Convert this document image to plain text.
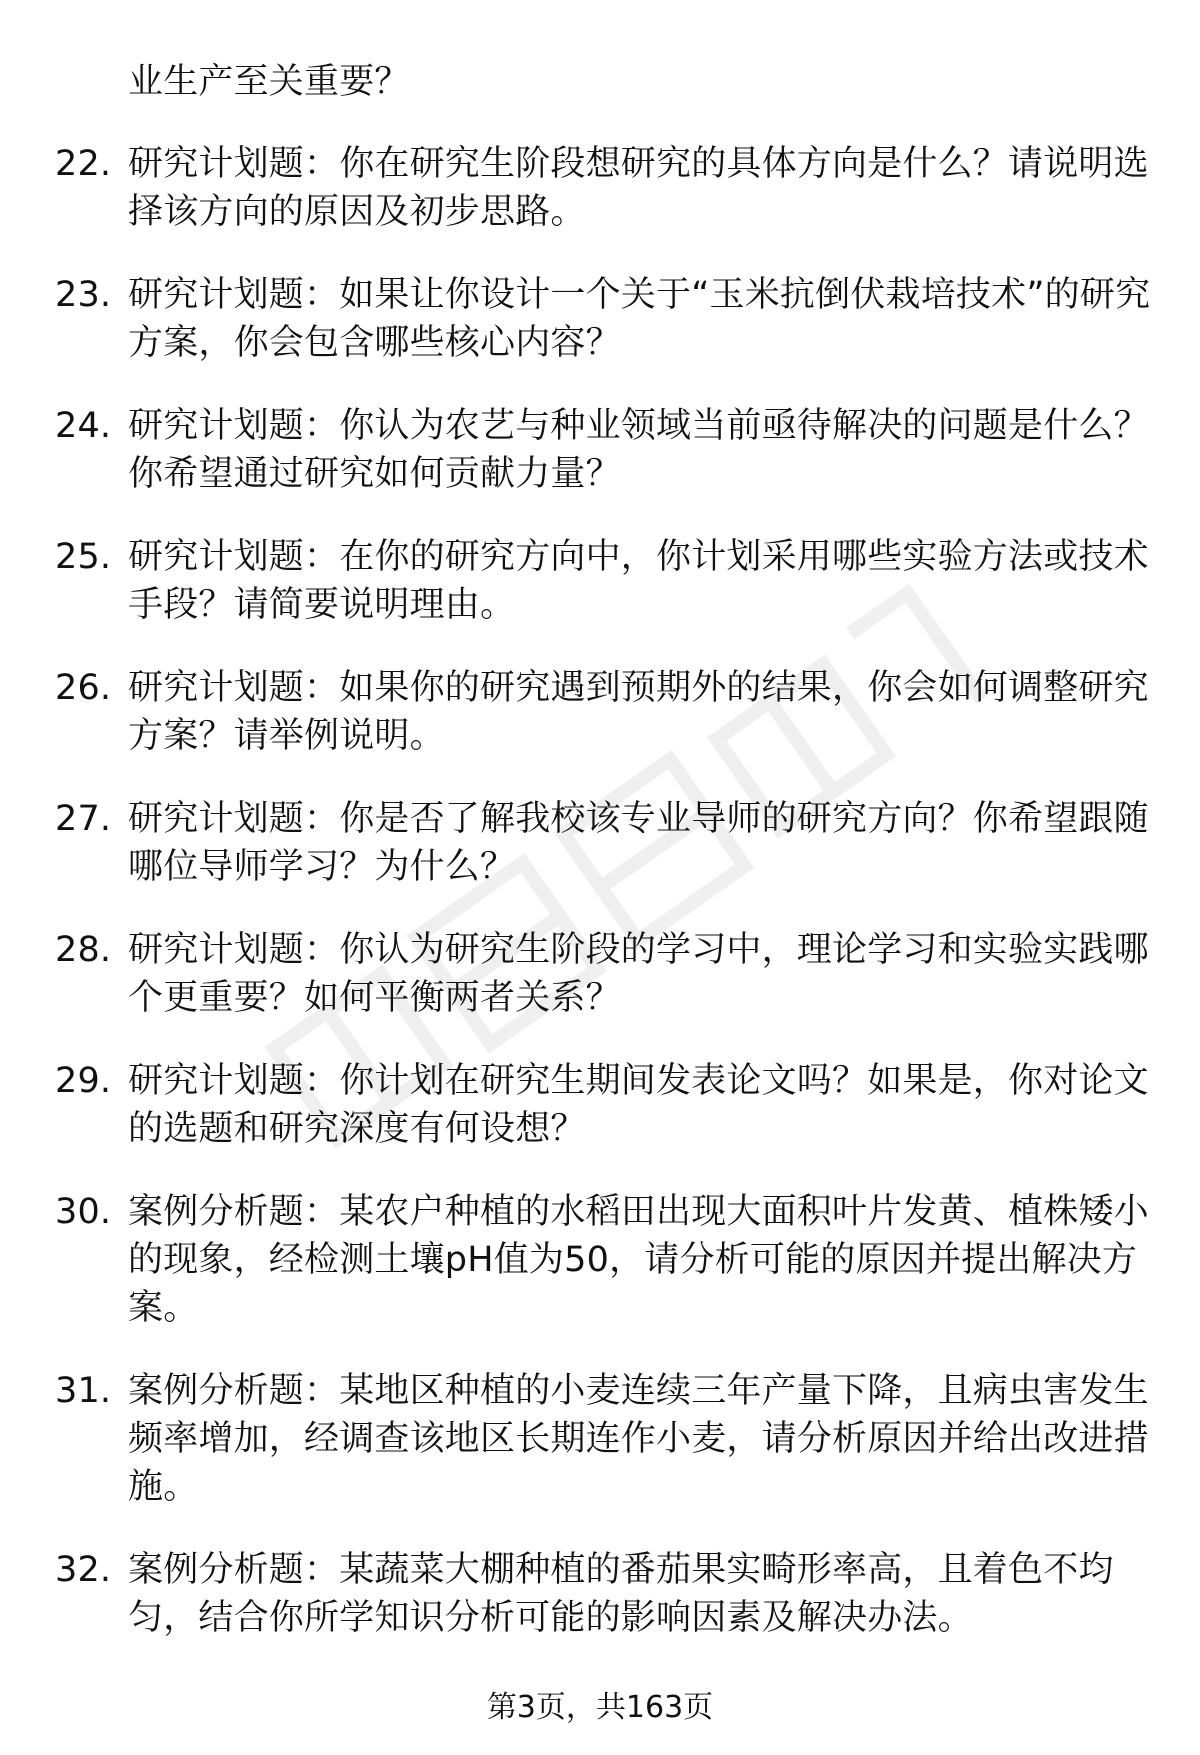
业生产至关重要？
22. 研究计划题：你在研究生阶段想研究的具体方向是什么？请说明选择该方向的原因及初步思路。
23. 研究计划题：如果让你设计一个关于“玉米抗倒伏栽培技术”的研究方案，你会包含哪些核心内容？
24. 研究计划题：你认为农艺与种业领域当前亟待解决的问题是什么？你希望通过研究如何贡献力量？
25. 研究计划题：在你的研究方向中，你计划采用哪些实验方法或技术手段？请简要说明理由。
26. 研究计划题：如果你的研究遇到预期外的结果，你会如何调整研究方案？请举例说明。
27. 研究计划题：你是否了解我校该专业导师的研究方向？你希望跟随哪位导师学习？为什么？
28. 研究计划题：你认为研究生阶段的学习中，理论学习和实验实践哪个更重要？如何平衡两者关系？
29. 研究计划题：你计划在研究生期间发表论文吗？如果是，你对论文的选题和研究深度有何设想？
30. 案例分析题：某农户种植的水稻田出现大面积叶片发黄、植株矮小的现象，经检测土壤pH值为50，请分析可能的原因并提出解决方案。
31. 案例分析题：某地区种植的小麦连续三年产量下降，且病虫害发生频率增加，经调查该地区长期连作小麦，请分析原因并给出改进措施。
32. 案例分析题：某蔬菜大棚种植的番茄果实畸形率高，且着色不均匀，结合你所学知识分析可能的影响因素及解决办法。
第3页，共163页
